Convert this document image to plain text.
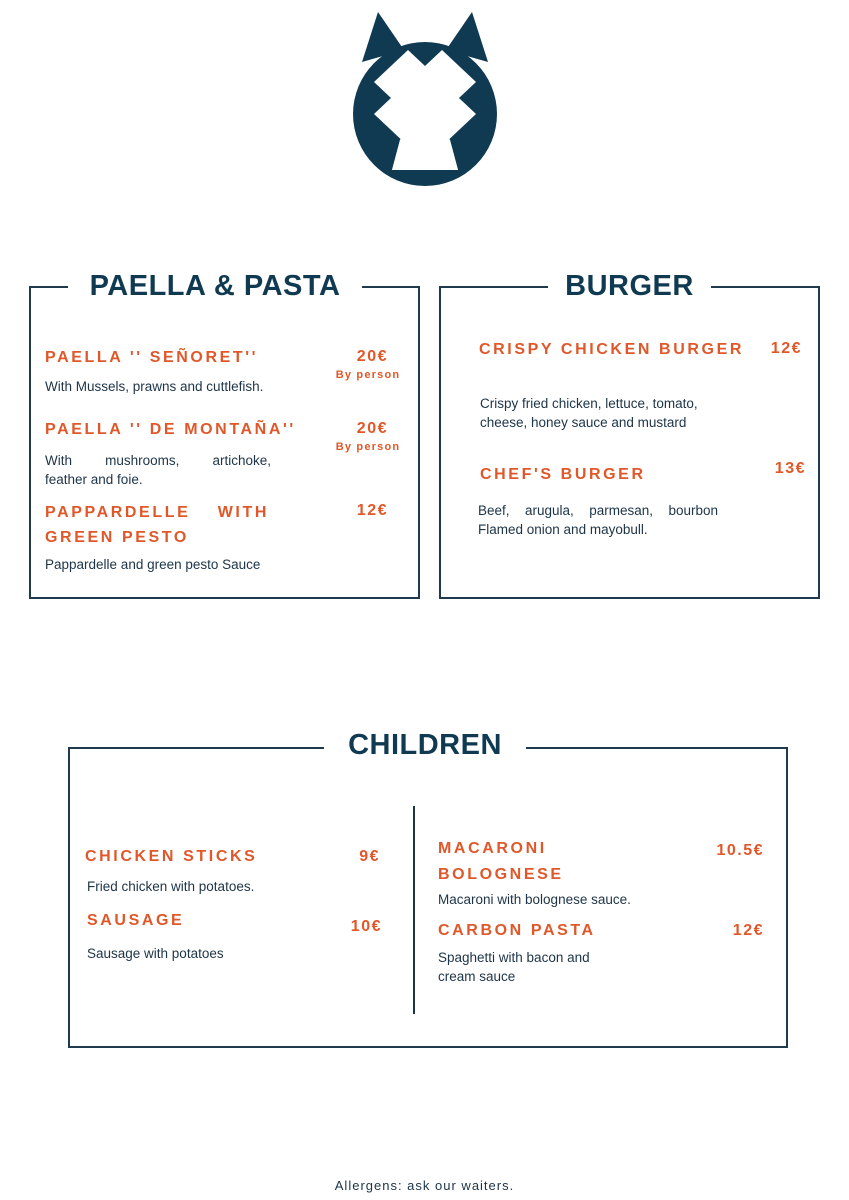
PAELLA & PASTA
PAELLA '' SEÑORET''	20€
By person
With Mussels, prawns and cuttlefish.
PAELLA '' DE MONTAÑA''	20€
By person
With mushrooms, artichoke,
feather and foie.
PAPPARDELLE WITH
GREEN PESTO
12€
Pappardelle and green pesto Sauce
BURGER
CRISPY CHICKEN BURGER	12€
Crispy fried chicken, lettuce, tomato,
cheese, honey sauce and mustard
CHEF'S BURGER	13€
Beef, arugula, parmesan, bourbon
Flamed onion and mayobull.
CHILDREN
CHICKEN STICKS	9€
Fried chicken with potatoes.
SAUSAGE	10€
Sausage with potatoes
MACARONI
BOLOGNESE
10.5€
Macaroni with bolognese sauce.
CARBON PASTA	12€
Spaghetti with bacon and
cream sauce
Allergens: ask our waiters.
